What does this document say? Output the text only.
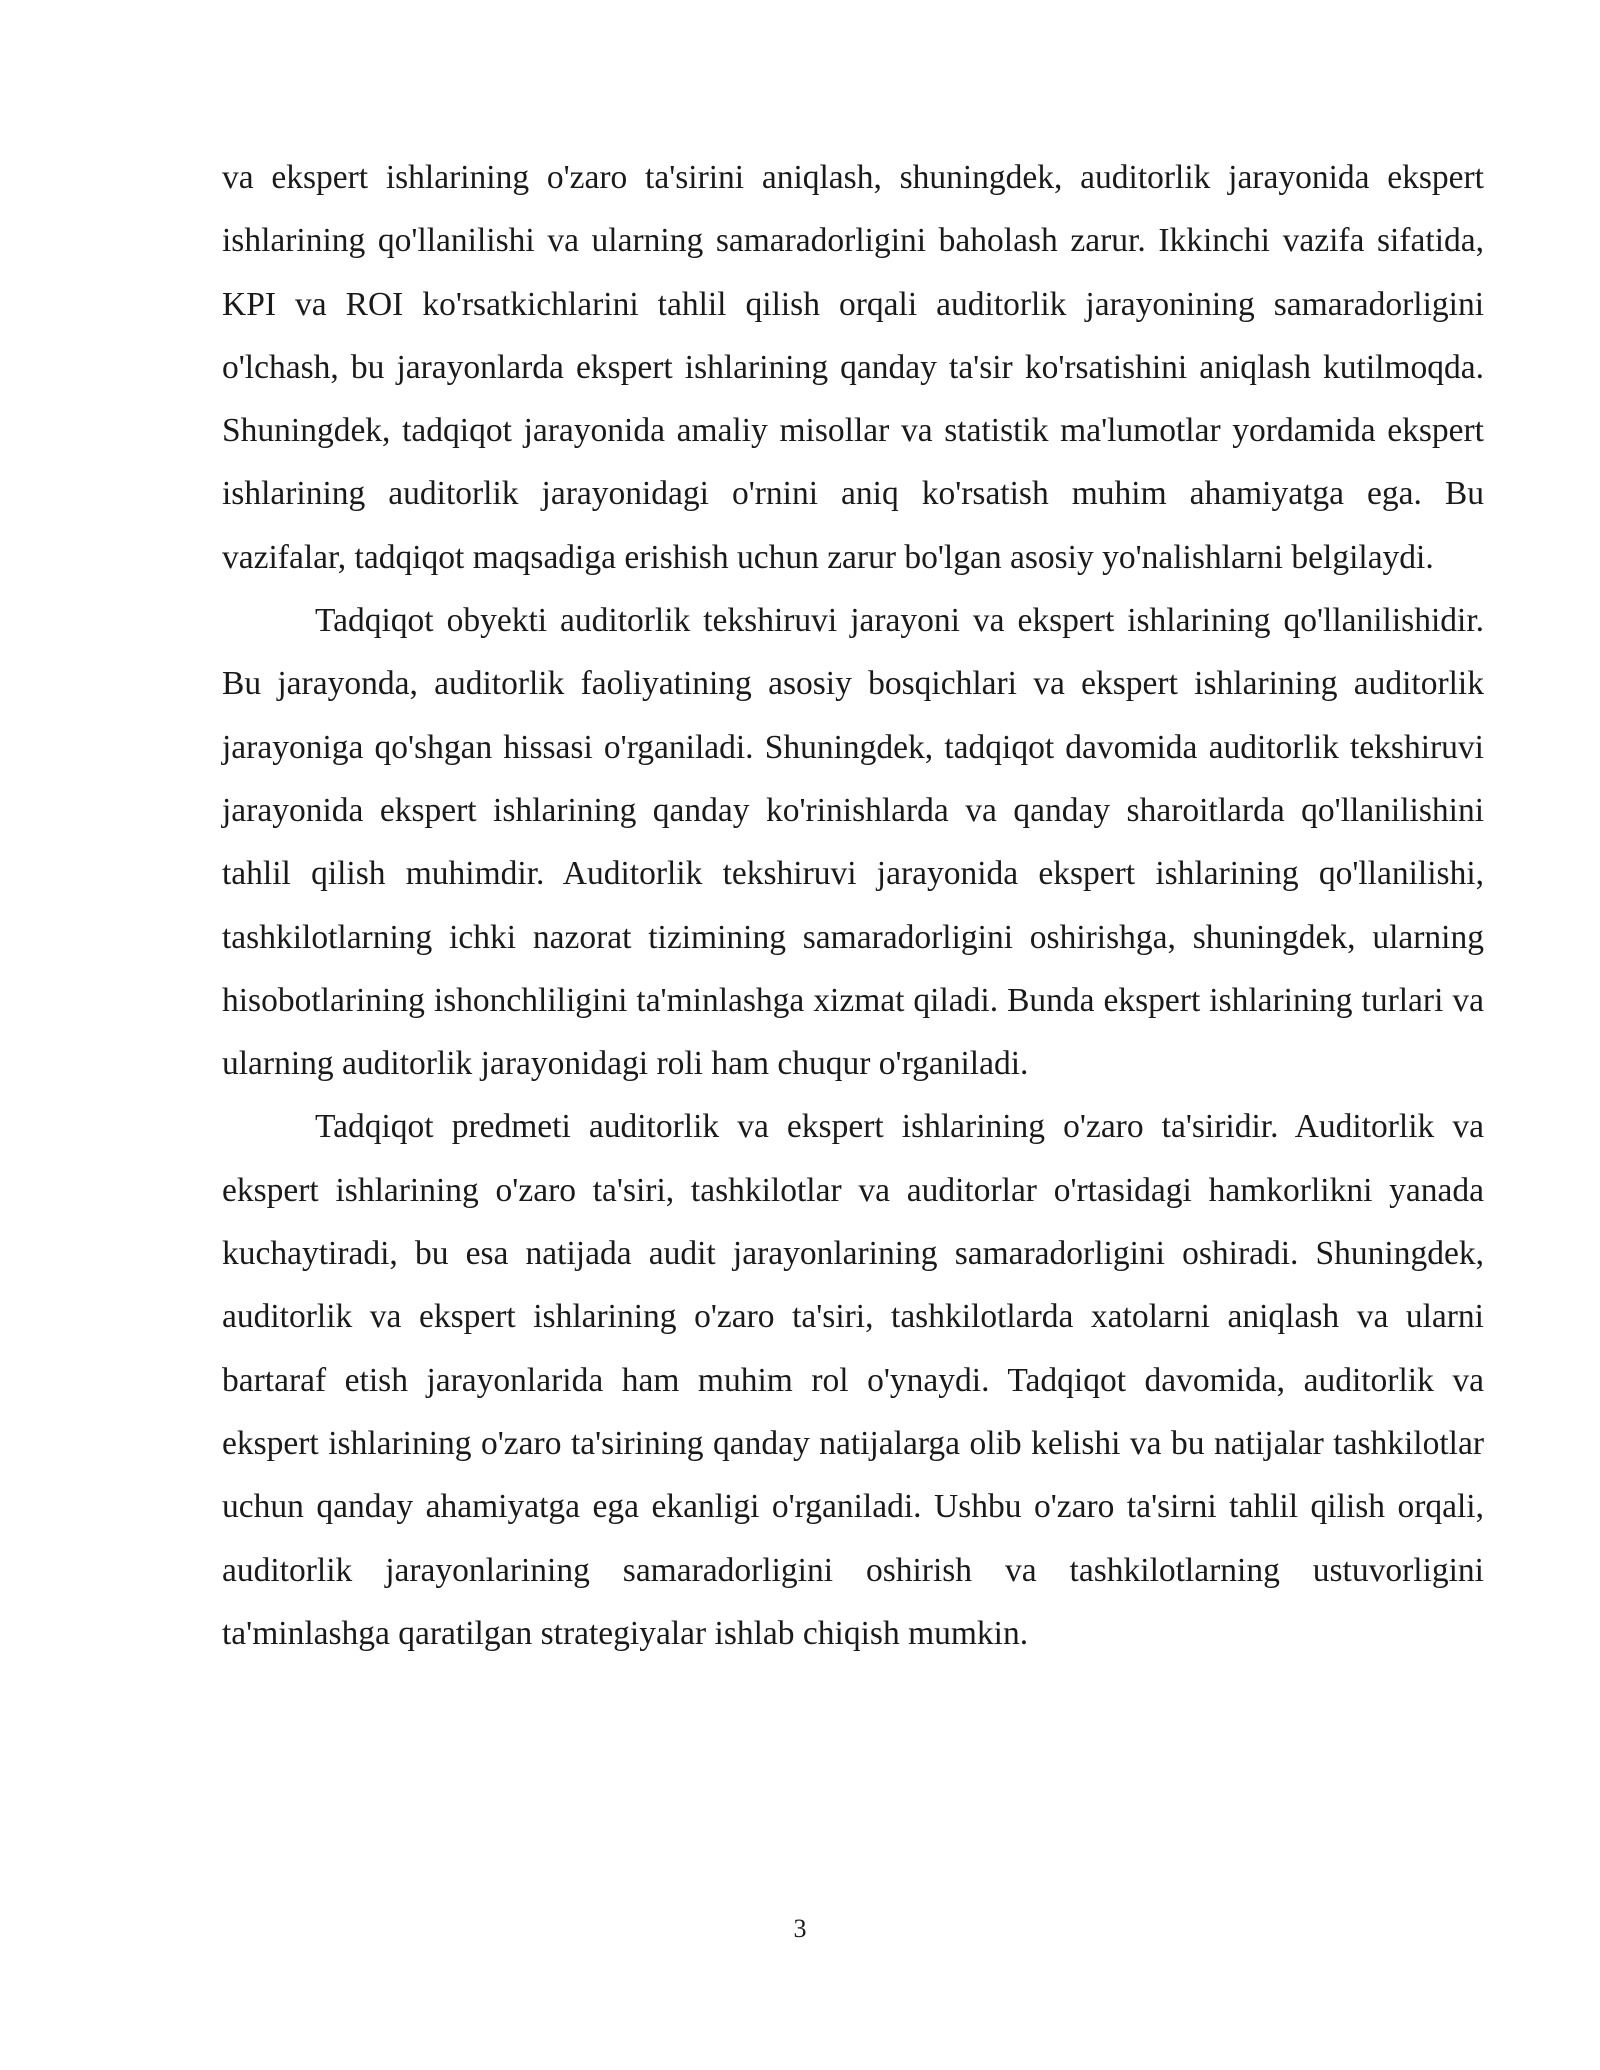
va ekspert ishlarining o'zaro ta'sirini aniqlash, shuningdek, auditorlik jarayonida ekspert ishlarining qo'llanilishi va ularning samaradorligini baholash zarur. Ikkinchi vazifa sifatida, KPI va ROI ko'rsatkichlarini tahlil qilish orqali auditorlik jarayonining samaradorligini o'lchash, bu jarayonlarda ekspert ishlarining qanday ta'sir ko'rsatishini aniqlash kutilmoqda. Shuningdek, tadqiqot jarayonida amaliy misollar va statistik ma'lumotlar yordamida ekspert ishlarining auditorlik jarayonidagi o'rnini aniq ko'rsatish muhim ahamiyatga ega. Bu vazifalar, tadqiqot maqsadiga erishish uchun zarur bo'lgan asosiy yo'nalishlarni belgilaydi.

Tadqiqot obyekti auditorlik tekshiruvi jarayoni va ekspert ishlarining qo'llanilishidir. Bu jarayonda, auditorlik faoliyatining asosiy bosqichlari va ekspert ishlarining auditorlik jarayoniga qo'shgan hissasi o'rganiladi. Shuningdek, tadqiqot davomida auditorlik tekshiruvi jarayonida ekspert ishlarining qanday ko'rinishlarda va qanday sharoitlarda qo'llanilishini tahlil qilish muhimdir. Auditorlik tekshiruvi jarayonida ekspert ishlarining qo'llanilishi, tashkilotlarning ichki nazorat tizimining samaradorligini oshirishga, shuningdek, ularning hisobotlarining ishonchliligini ta'minlashga xizmat qiladi. Bunda ekspert ishlarining turlari va ularning auditorlik jarayonidagi roli ham chuqur o'rganiladi.

Tadqiqot predmeti auditorlik va ekspert ishlarining o'zaro ta'siridir. Auditorlik va ekspert ishlarining o'zaro ta'siri, tashkilotlar va auditorlar o'rtasidagi hamkorlikni yanada kuchaytiradi, bu esa natijada audit jarayonlarining samaradorligini oshiradi. Shuningdek, auditorlik va ekspert ishlarining o'zaro ta'siri, tashkilotlarda xatolarni aniqlash va ularni bartaraf etish jarayonlarida ham muhim rol o'ynaydi. Tadqiqot davomida, auditorlik va ekspert ishlarining o'zaro ta'sirining qanday natijalarga olib kelishi va bu natijalar tashkilotlar uchun qanday ahamiyatga ega ekanligi o'rganiladi. Ushbu o'zaro ta'sirni tahlil qilish orqali, auditorlik jarayonlarining samaradorligini oshirish va tashkilotlarning ustuvorligini ta'minlashga qaratilgan strategiyalar ishlab chiqish mumkin.

3
